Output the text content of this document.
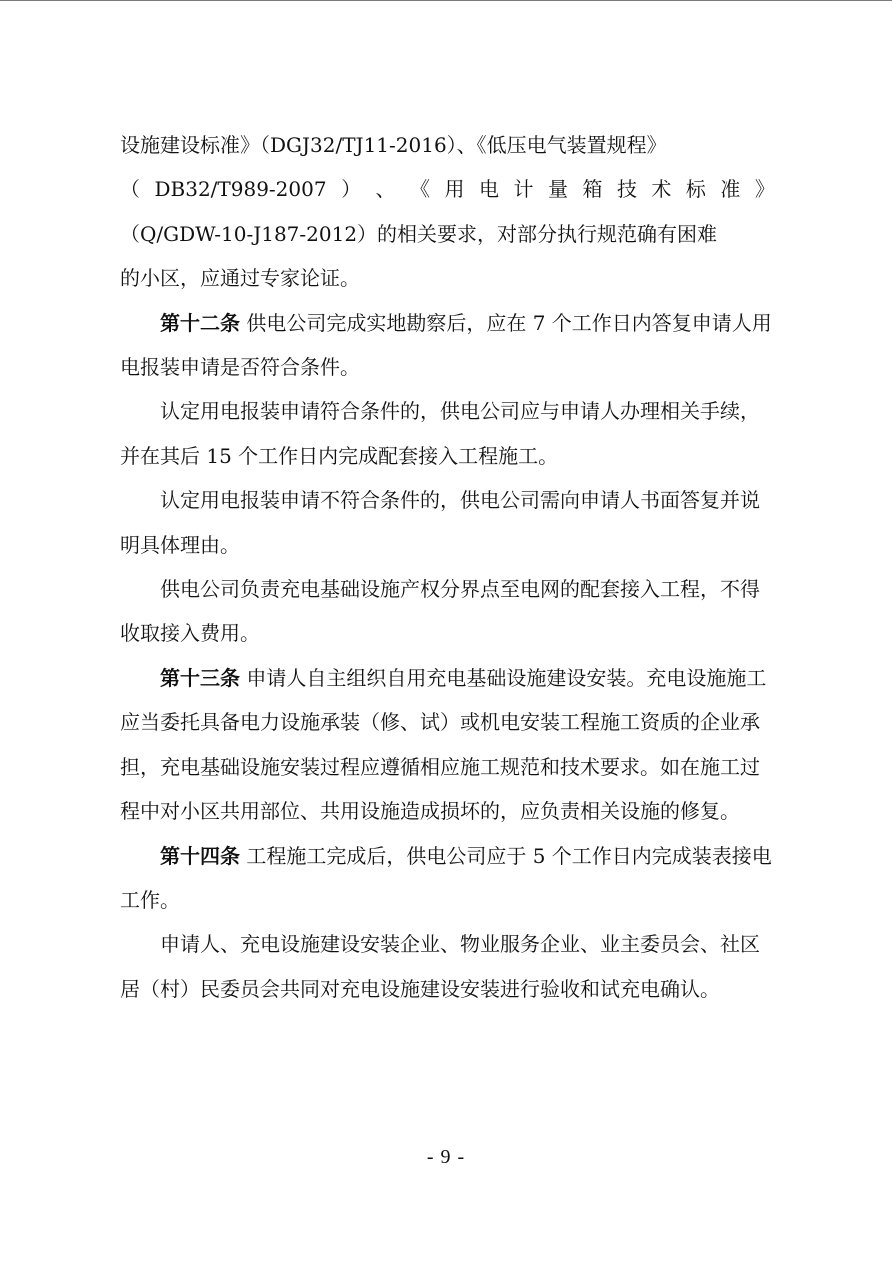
设施建设标准》（DGJ32/TJ11-2016）、《低压电气装置规程》
（ DB32/T989-2007 ） 、 《 用 电 计 量 箱 技 术 标 准 》
（Q/GDW-10-J187-2012）的相关要求，对部分执行规范确有困难
的小区，应通过专家论证。

第十二条 供电公司完成实地勘察后，应在 7 个工作日内答复申请人用电报装申请是否符合条件。

认定用电报装申请符合条件的，供电公司应与申请人办理相关手续，并在其后 15 个工作日内完成配套接入工程施工。

认定用电报装申请不符合条件的，供电公司需向申请人书面答复并说明具体理由。

供电公司负责充电基础设施产权分界点至电网的配套接入工程，不得收取接入费用。

第十三条 申请人自主组织自用充电基础设施建设安装。充电设施施工应当委托具备电力设施承装（修、试）或机电安装工程施工资质的企业承担，充电基础设施安装过程应遵循相应施工规范和技术要求。如在施工过程中对小区共用部位、共用设施造成损坏的，应负责相关设施的修复。

第十四条 工程施工完成后，供电公司应于 5 个工作日内完成装表接电工作。

申请人、充电设施建设安装企业、物业服务企业、业主委员会、社区居（村）民委员会共同对充电设施建设安装进行验收和试充电确认。

- 9 -
